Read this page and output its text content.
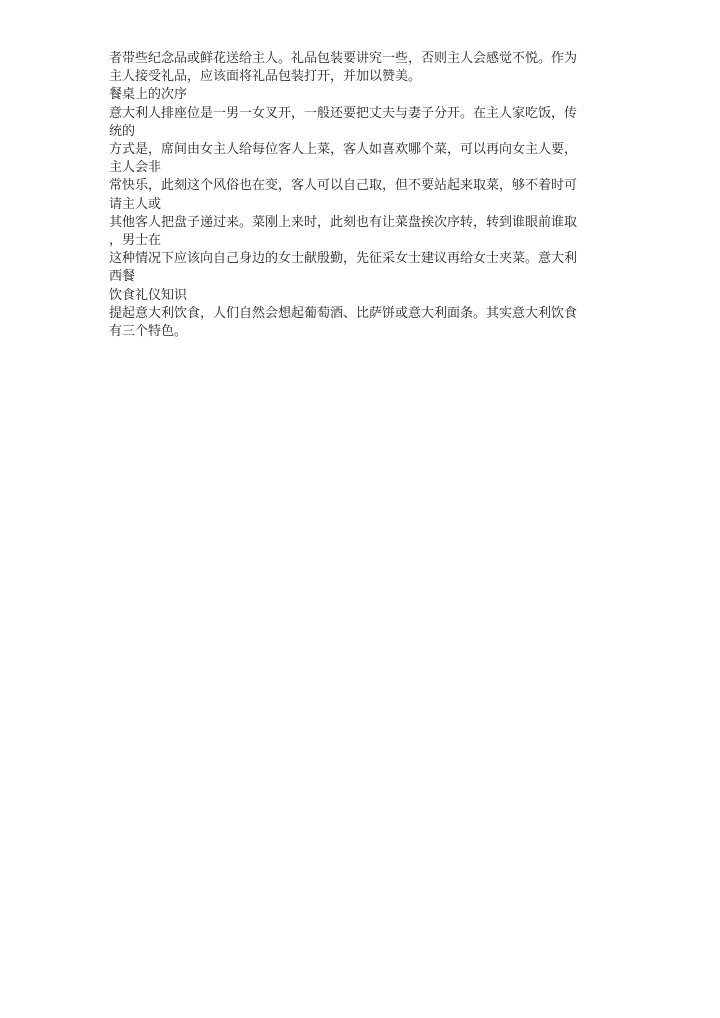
者带些纪念品或鲜花送给主人。礼品包装要讲究一些，否则主人会感觉不悦。作为
主人接受礼品，应该面将礼品包装打开，并加以赞美。
餐桌上的次序
意大利人排座位是一男一女叉开，一般还要把丈夫与妻子分开。在主人家吃饭，传
统的
方式是，席间由女主人给每位客人上菜，客人如喜欢哪个菜，可以再向女主人要，
主人会非
常快乐，此刻这个风俗也在变，客人可以自己取，但不要站起来取菜，够不着时可
请主人或
其他客人把盘子递过来。菜刚上来时，此刻也有让菜盘挨次序转，转到谁眼前谁取
，男士在
这种情况下应该向自己身边的女士献殷勤，先征采女士建议再给女士夹菜。意大利
西餐
饮食礼仪知识
提起意大利饮食，人们自然会想起葡萄酒、比萨饼或意大利面条。其实意大利饮食
有三个特色。
